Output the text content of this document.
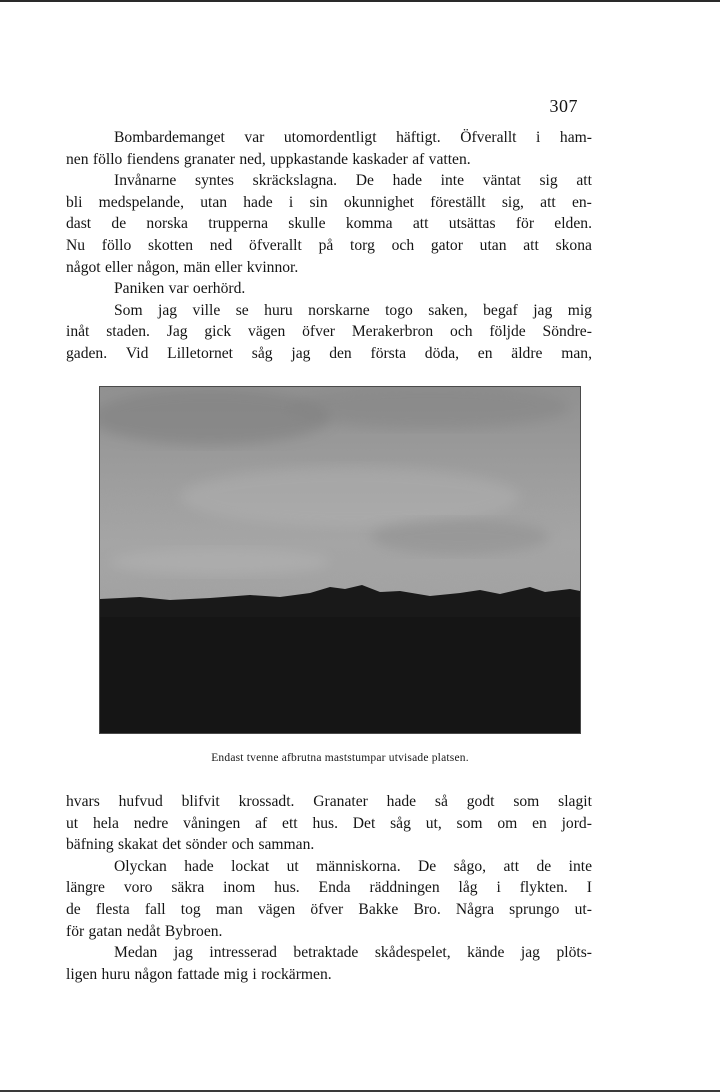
307
Bombardemanget var utomordentligt häftigt. Öfverallt i ham-
nen föllo fiendens granater ned, uppkastande kaskader af vatten.
Invånarne syntes skräckslagna. De hade inte väntat sig att
bli medspelande, utan hade i sin okunnighet föreställt sig, att en-
dast de norska trupperna skulle komma att utsättas för elden.
Nu föllo skotten ned öfverallt på torg och gator utan att skona
något eller någon, män eller kvinnor.
Paniken var oerhörd.
Som jag ville se huru norskarne togo saken, begaf jag mig
inåt staden. Jag gick vägen öfver Merakerbron och följde Söndre-
gaden. Vid Lilletornet såg jag den första döda, en äldre man,
Endast tvenne afbrutna maststumpar utvisade platsen.
hvars hufvud blifvit krossadt. Granater hade så godt som slagit
ut hela nedre våningen af ett hus. Det såg ut, som om en jord-
bäfning skakat det sönder och samman.
Olyckan hade lockat ut människorna. De sågo, att de inte
längre voro säkra inom hus. Enda räddningen låg i flykten. I
de flesta fall tog man vägen öfver Bakke Bro. Några sprungo ut-
för gatan nedåt Bybroen.
Medan jag intresserad betraktade skådespelet, kände jag plöts-
ligen huru någon fattade mig i rockärmen.
